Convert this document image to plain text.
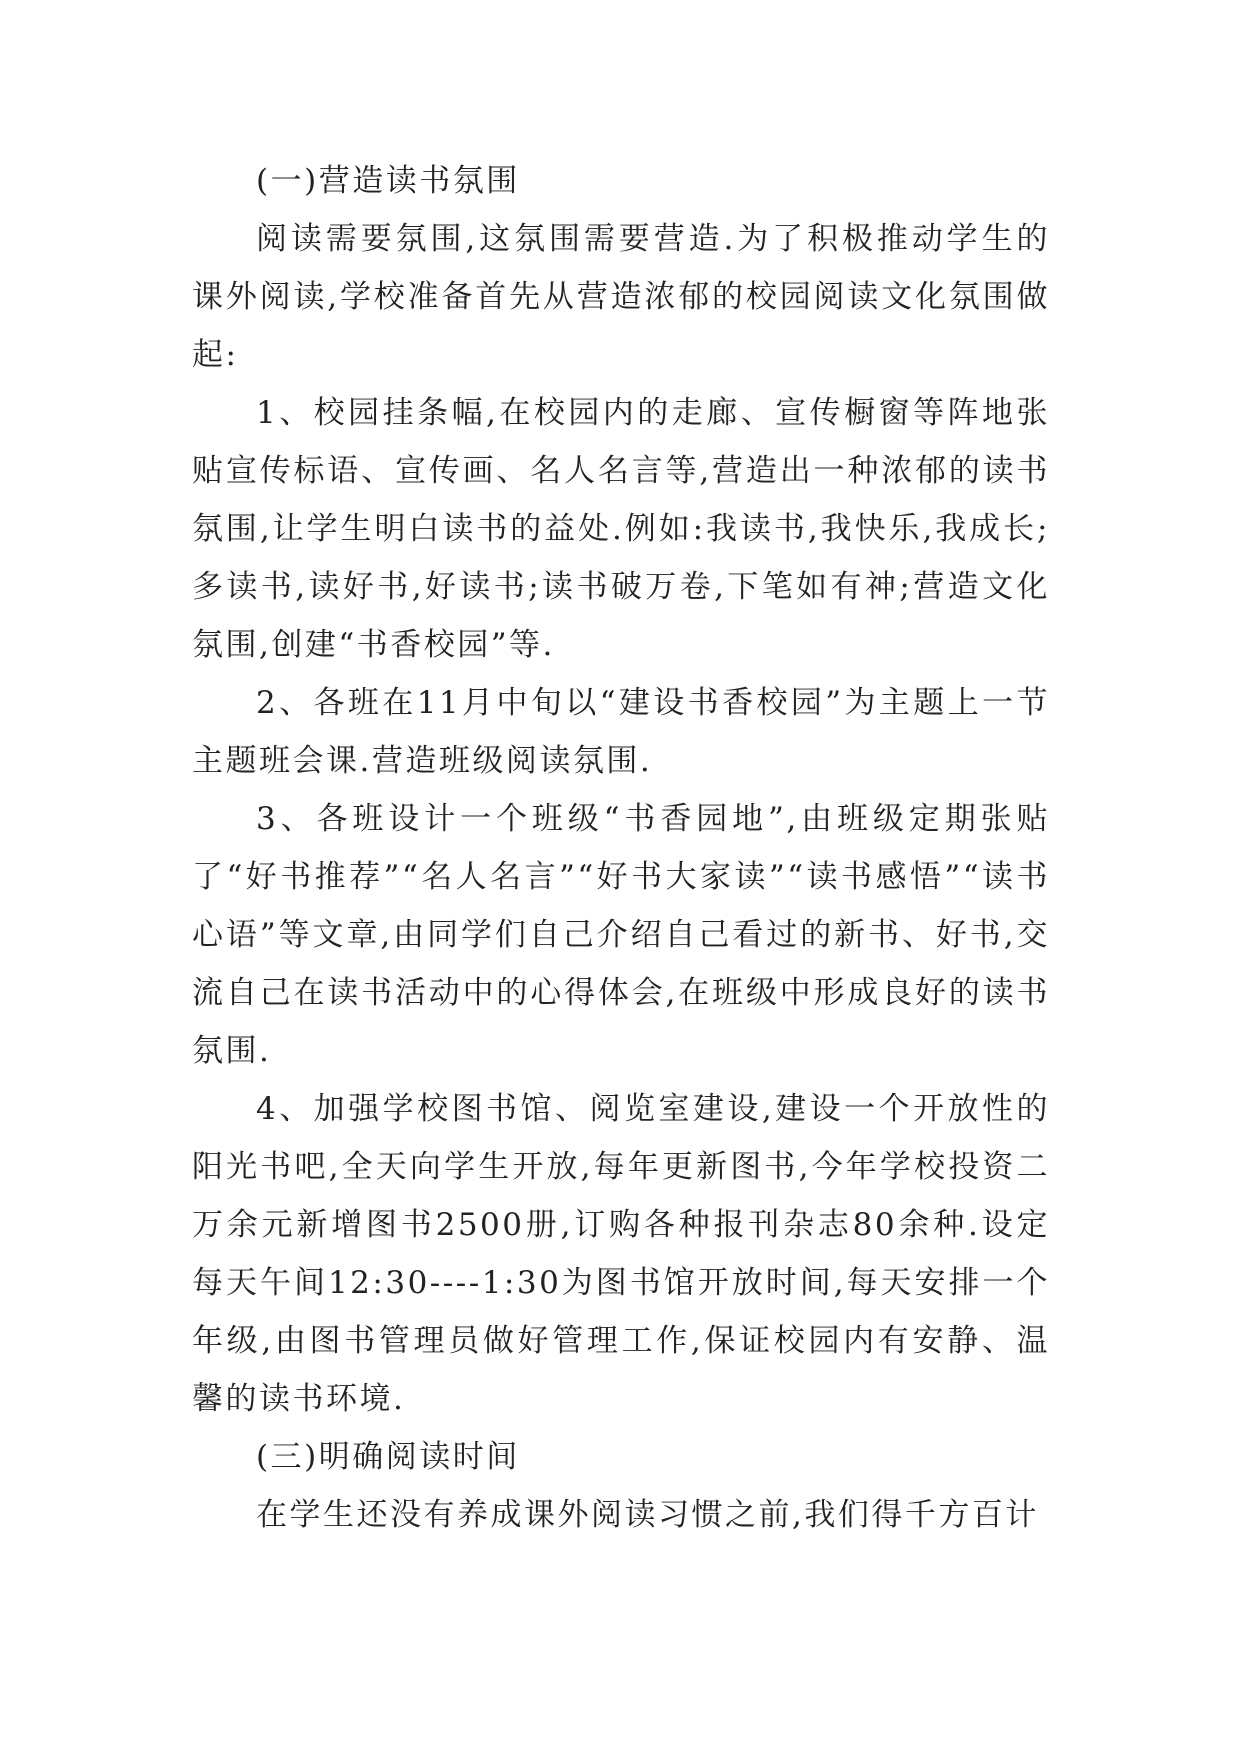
(一)营造读书氛围

阅读需要氛围,这氛围需要营造.为了积极推动学生的课外阅读,学校准备首先从营造浓郁的校园阅读文化氛围做起:

1、校园挂条幅,在校园内的走廊、宣传橱窗等阵地张贴宣传标语、宣传画、名人名言等,营造出一种浓郁的读书氛围,让学生明白读书的益处.例如:我读书,我快乐,我成长;多读书,读好书,好读书;读书破万卷,下笔如有神;营造文化氛围,创建“书香校园”等.

2、各班在11月中旬以“建设书香校园”为主题上一节主题班会课.营造班级阅读氛围.

3、各班设计一个班级“书香园地”,由班级定期张贴了“好书推荐”“名人名言”“好书大家读”“读书感悟”“读书心语”等文章,由同学们自己介绍自己看过的新书、好书,交流自己在读书活动中的心得体会,在班级中形成良好的读书氛围.

4、加强学校图书馆、阅览室建设,建设一个开放性的阳光书吧,全天向学生开放,每年更新图书,今年学校投资二万余元新增图书2500册,订购各种报刊杂志80余种.设定每天午间12:30----1:30为图书馆开放时间,每天安排一个年级,由图书管理员做好管理工作,保证校园内有安静、温馨的读书环境.

(三)明确阅读时间

在学生还没有养成课外阅读习惯之前,我们得千方百计
